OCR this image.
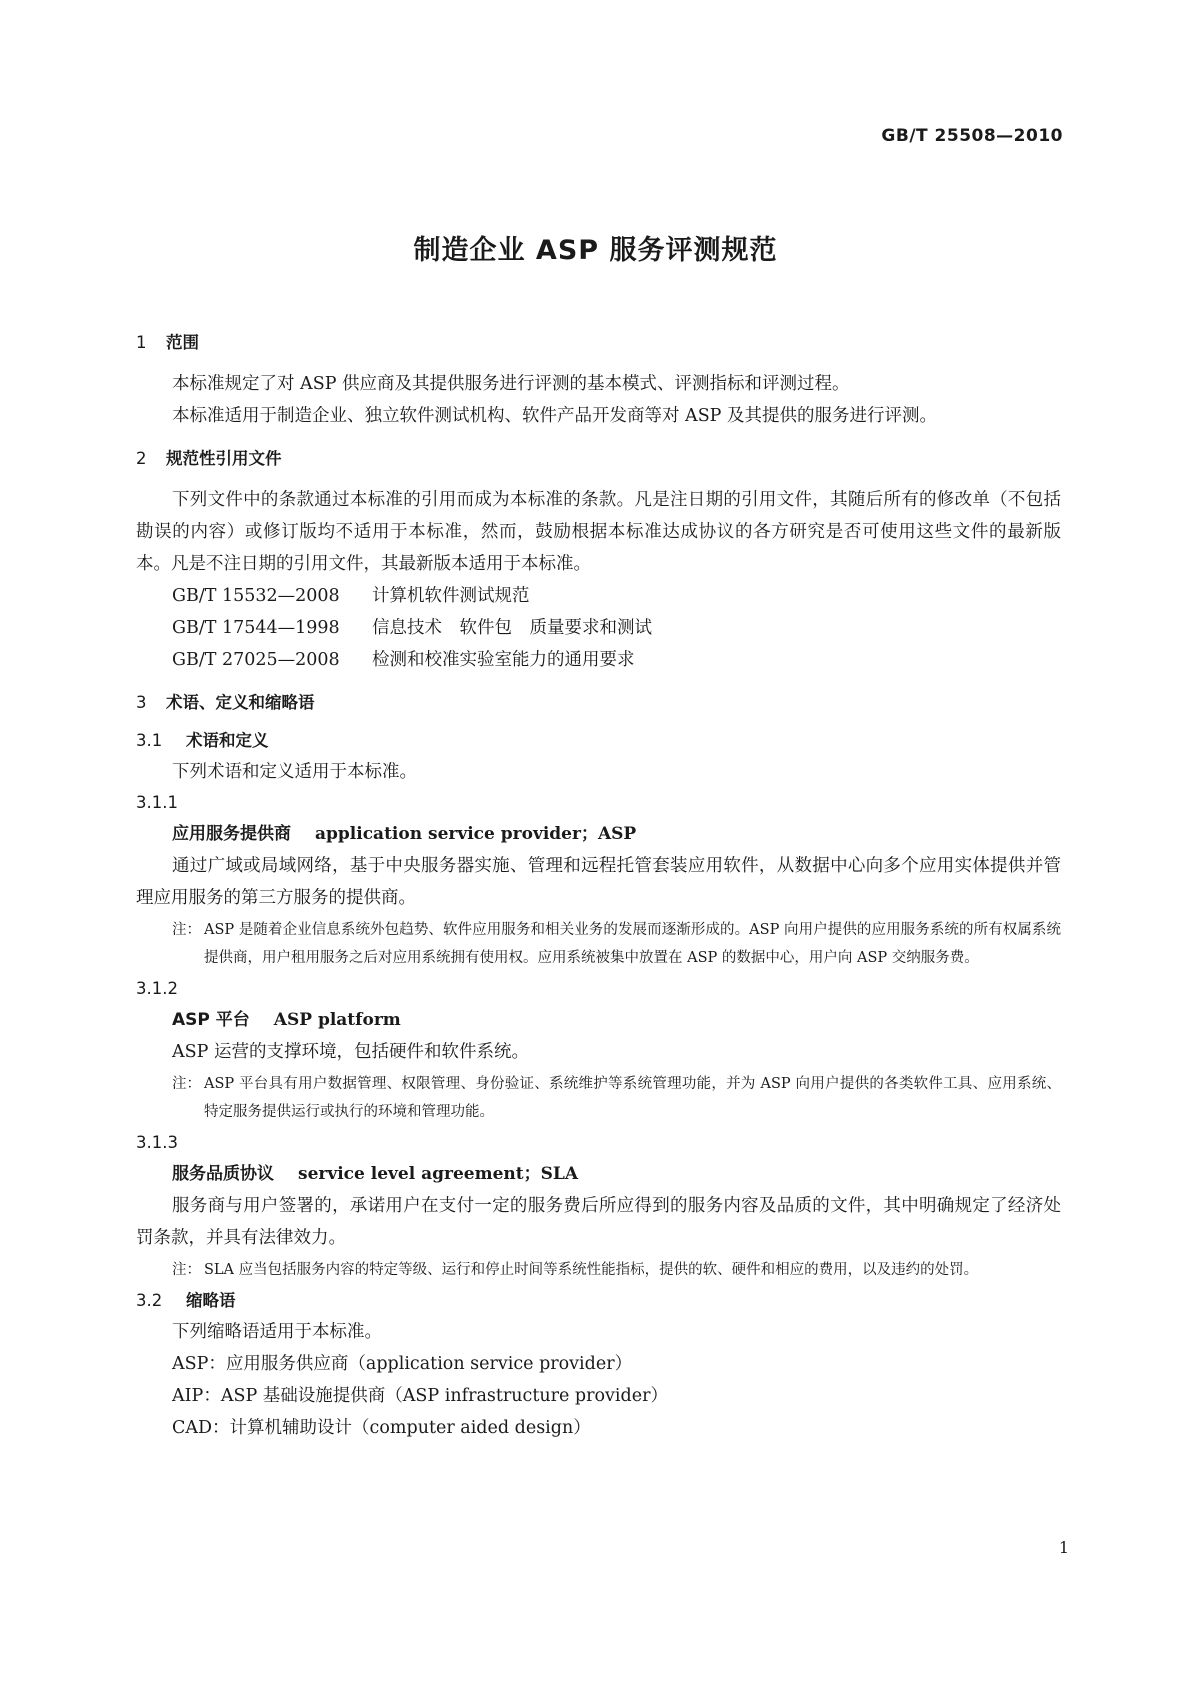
GB/T 25508—2010
制造企业 ASP 服务评测规范
1 范围

本标准规定了对 ASP 供应商及其提供服务进行评测的基本模式、评测指标和评测过程。

本标准适用于制造企业、独立软件测试机构、软件产品开发商等对 ASP 及其提供的服务进行评测。

2 规范性引用文件

下列文件中的条款通过本标准的引用而成为本标准的条款。凡是注日期的引用文件，其随后所有的修改单（不包括勘误的内容）或修订版均不适用于本标准，然而，鼓励根据本标准达成协议的各方研究是否可使用这些文件的最新版本。凡是不注日期的引用文件，其最新版本适用于本标准。

GB/T 15532—2008 计算机软件测试规范

GB/T 17544—1998 信息技术　软件包　质量要求和测试

GB/T 27025—2008 检测和校准实验室能力的通用要求

3 术语、定义和缩略语
3.1 术语和定义

下列术语和定义适用于本标准。

3.1.1

应用服务提供商 application service provider；ASP

通过广域或局域网络，基于中央服务器实施、管理和远程托管套装应用软件，从数据中心向多个应用实体提供并管理应用服务的第三方服务的提供商。

注： ASP 是随着企业信息系统外包趋势、软件应用服务和相关业务的发展而逐渐形成的。ASP 向用户提供的应用服务系统的所有权属系统提供商，用户租用服务之后对应用系统拥有使用权。应用系统被集中放置在 ASP 的数据中心，用户向 ASP 交纳服务费。
3.1.2

ASP 平台 ASP platform

ASP 运营的支撑环境，包括硬件和软件系统。

注： ASP 平台具有用户数据管理、权限管理、身份验证、系统维护等系统管理功能，并为 ASP 向用户提供的各类软件工具、应用系统、特定服务提供运行或执行的环境和管理功能。
3.1.3

服务品质协议 service level agreement；SLA

服务商与用户签署的，承诺用户在支付一定的服务费后所应得到的服务内容及品质的文件，其中明确规定了经济处罚条款，并具有法律效力。

注： SLA 应当包括服务内容的特定等级、运行和停止时间等系统性能指标，提供的软、硬件和相应的费用，以及违约的处罚。
3.2 缩略语

下列缩略语适用于本标准。

ASP：应用服务供应商（application service provider）

AIP：ASP 基础设施提供商（ASP infrastructure provider）

CAD：计算机辅助设计（computer aided design）

1
